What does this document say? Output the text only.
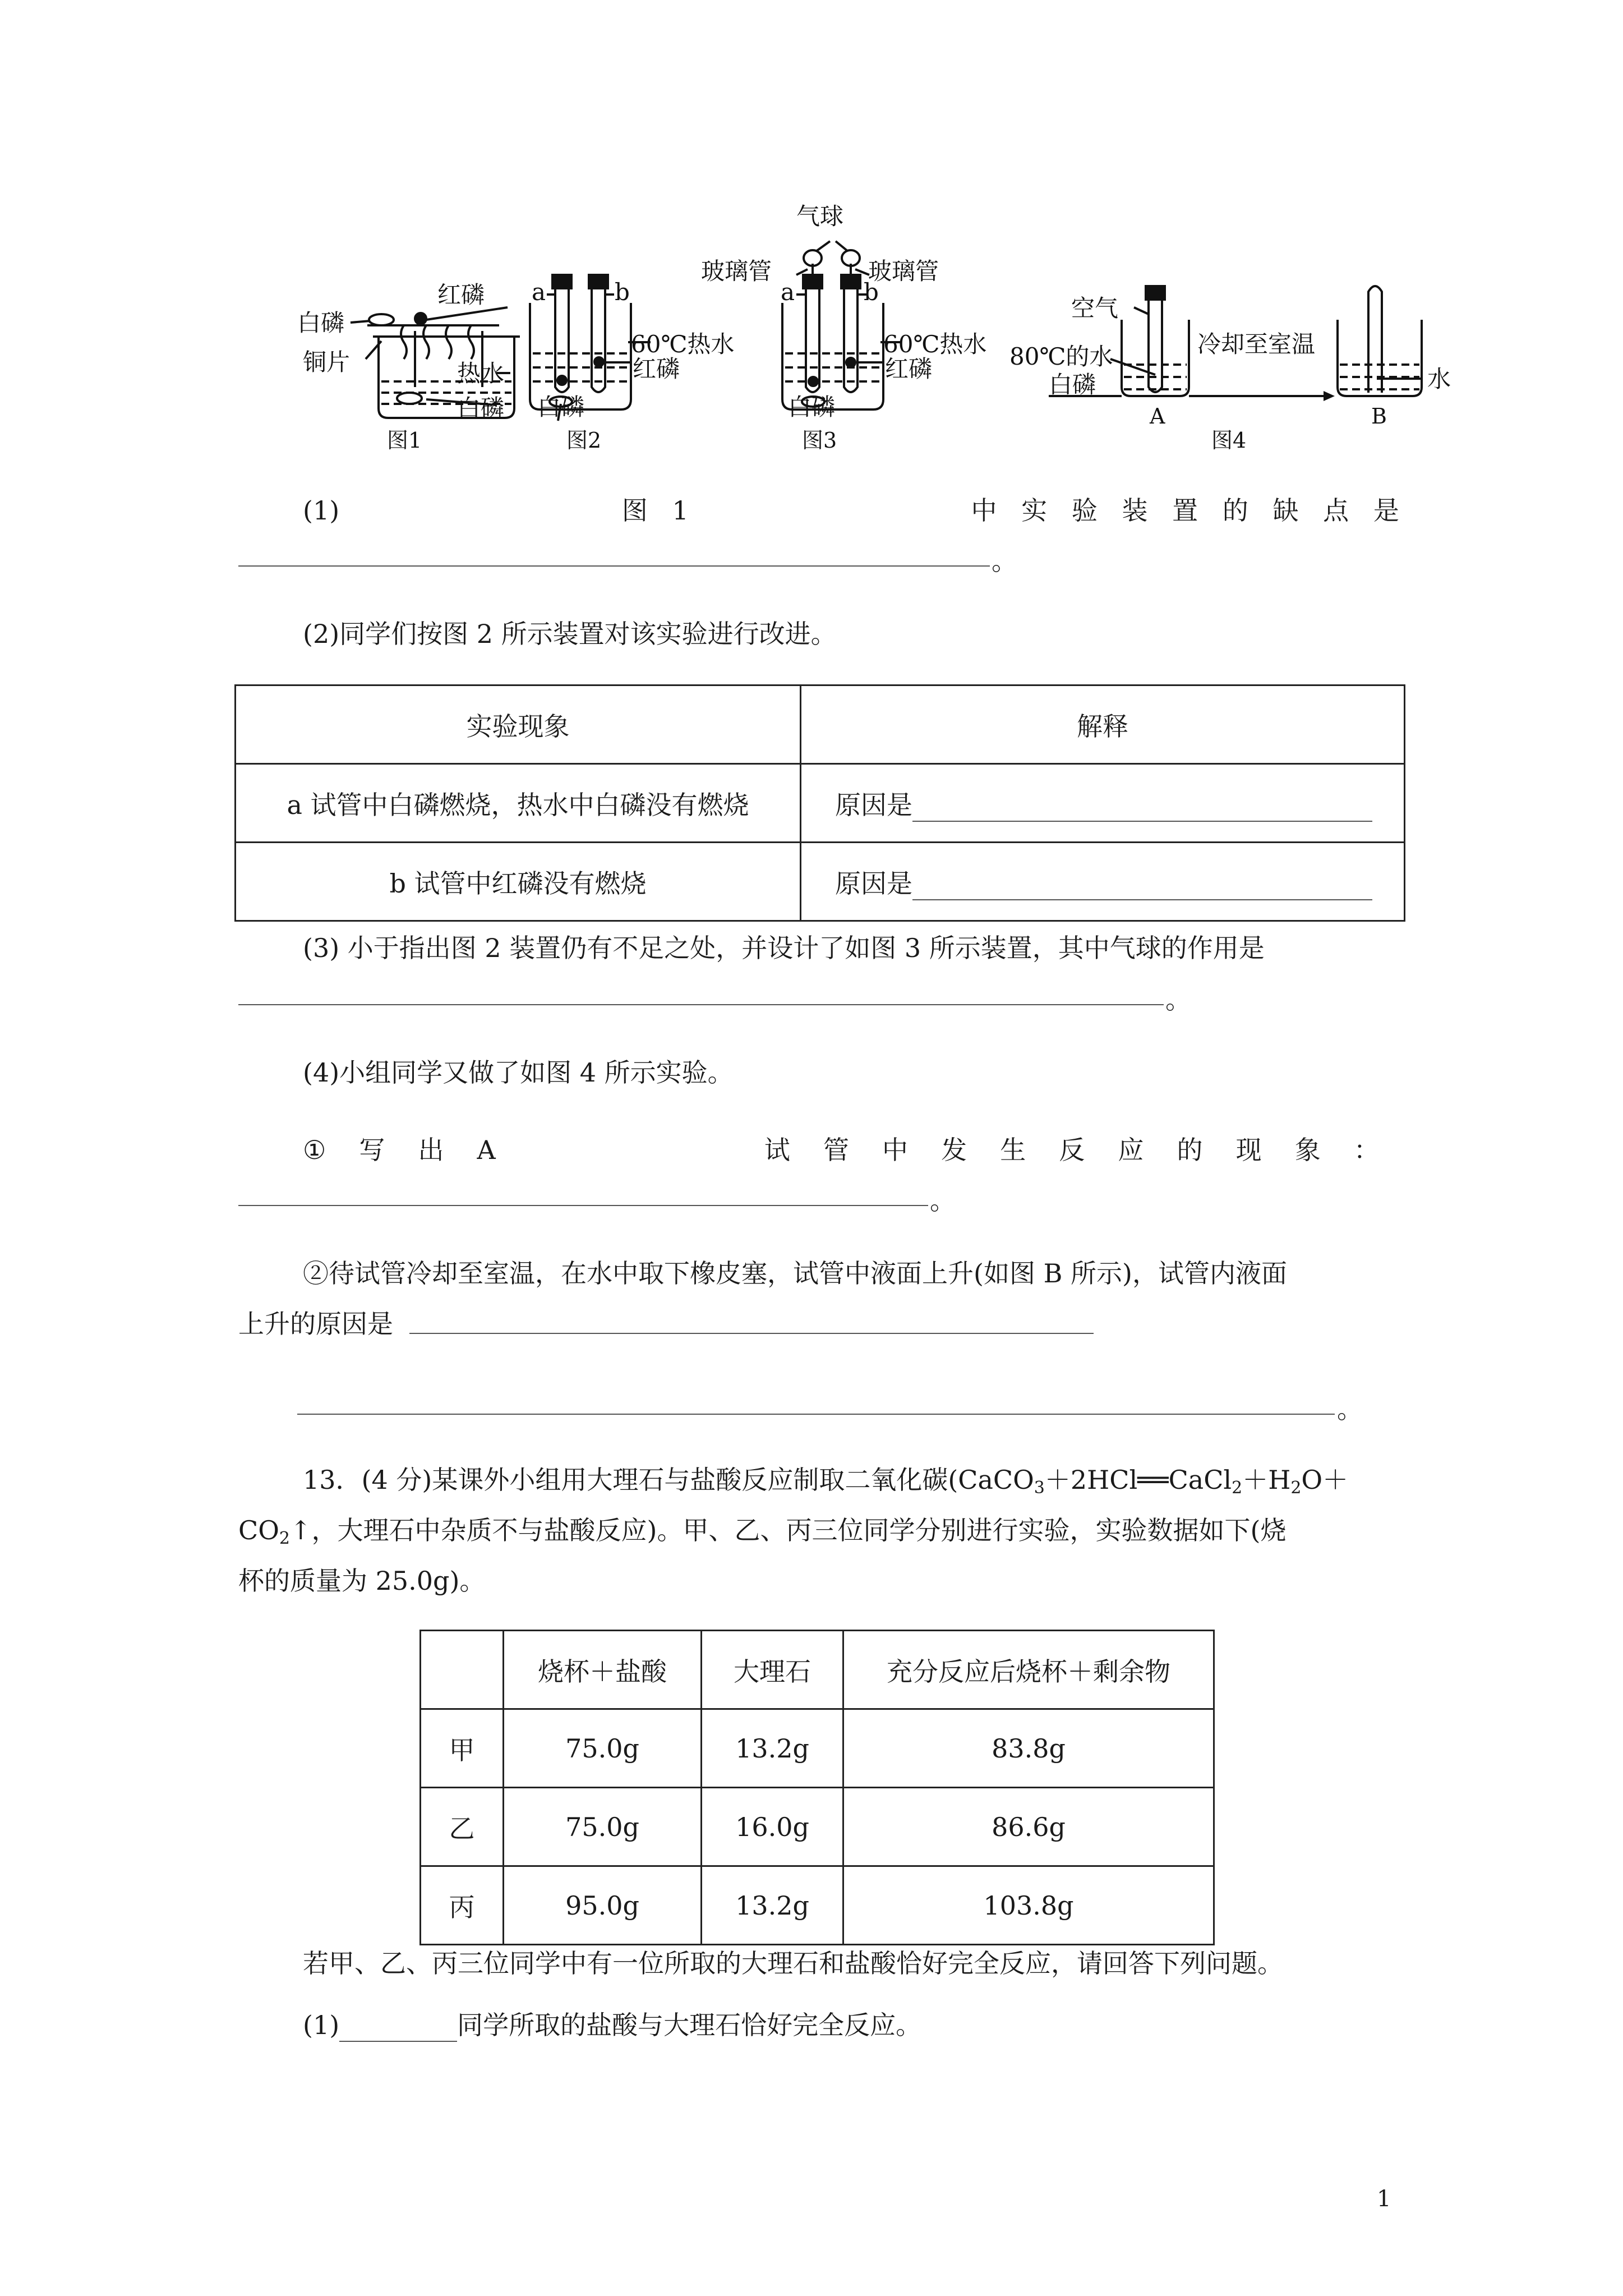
红磷
白磷
铜片	热水
白磷
图1
a	b
60℃热水
红磷
白磷
图2
气球
玻璃管	玻璃管
a	b
60℃热水
红磷
白磷
图3
空气
80℃的水
白磷
冷却至室温
水
A	B
图4
(1)	图 1	中 实 验 装 置 的 缺 点 是
。
(2)同学们按图 2 所示装置对该实验进行改进。
实验现象	解释
a 试管中白磷燃烧，热水中白磷没有燃烧	原因是
b 试管中红磷没有燃烧	原因是
(3) 小于指出图 2 装置仍有不足之处，并设计了如图 3 所示装置，其中气球的作用是
。
(4)小组同学又做了如图 4 所示实验。
① 写 出 A	试 管 中 发 生 反 应 的 现 象 ：
。
②待试管冷却至室温，在水中取下橡皮塞，试管中液面上升(如图 B 所示)，试管内液面
上升的原因是
。
13．(4 分)某课外小组用大理石与盐酸反应制取二氧化碳($CaCO_3+2HCl══CaCl_2+H_2O+$
$CO_2↑$，大理石中杂质不与盐酸反应)。甲、乙、丙三位同学分别进行实验，实验数据如下(烧
杯的质量为 25.0g)。
	烧杯＋盐酸	大理石	充分反应后烧杯＋剩余物
甲	75.0g	13.2g	83.8g
乙	75.0g	16.0g	86.6g
丙	95.0g	13.2g	103.8g
若甲、乙、丙三位同学中有一位所取的大理石和盐酸恰好完全反应，请回答下列问题。
(1)	同学所取的盐酸与大理石恰好完全反应。
1
